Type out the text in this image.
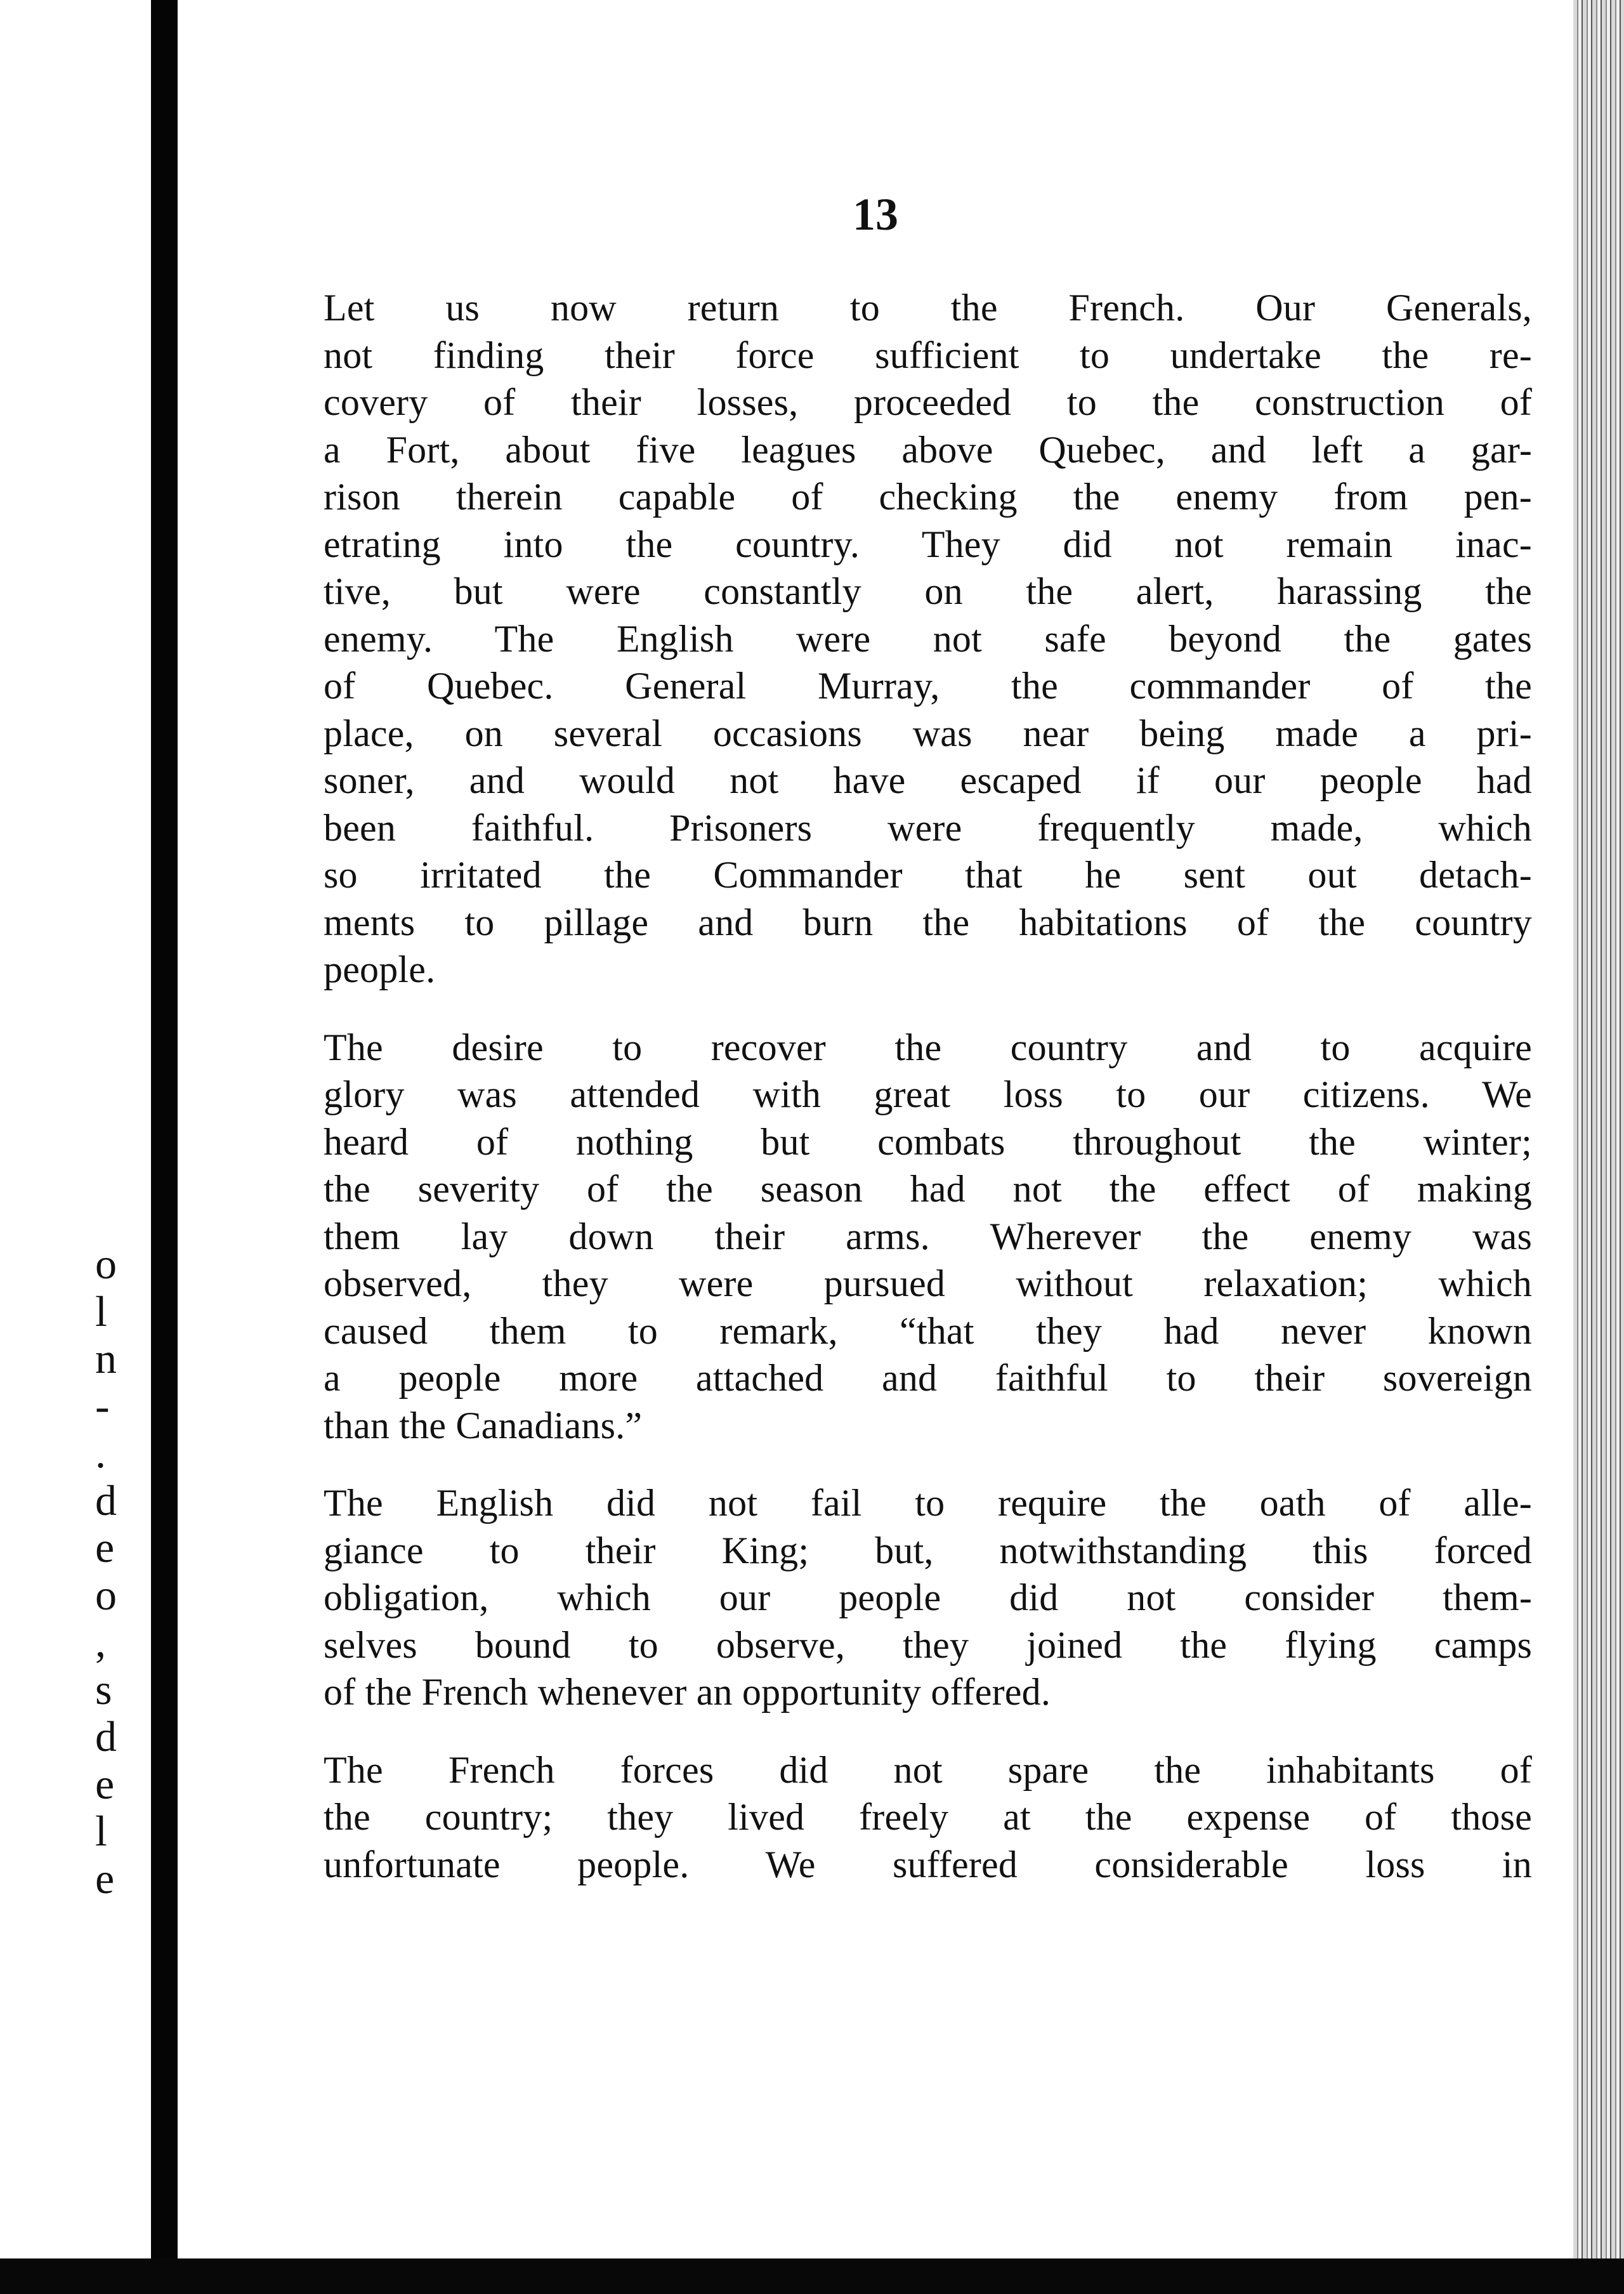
o
l
n
-
.
d
e
o
,
s
d
e
l
e
13
Let us now return to the French. Our Generals,
not finding their force sufficient to undertake the re-
covery of their losses, proceeded to the construction of
a Fort, about five leagues above Quebec, and left a gar-
rison therein capable of checking the enemy from pen-
etrating into the country. They did not remain inac-
tive, but were constantly on the alert, harassing the
enemy. The English were not safe beyond the gates
of Quebec. General Murray, the commander of the
place, on several occasions was near being made a pri-
soner, and would not have escaped if our people had
been faithful. Prisoners were frequently made, which
so irritated the Commander that he sent out detach-
ments to pillage and burn the habitations of the country
people.
The desire to recover the country and to acquire
glory was attended with great loss to our citizens. We
heard of nothing but combats throughout the winter;
the severity of the season had not the effect of making
them lay down their arms. Wherever the enemy was
observed, they were pursued without relaxation; which
caused them to remark, “that they had never known
a people more attached and faithful to their sovereign
than the Canadians.”
The English did not fail to require the oath of alle-
giance to their King; but, notwithstanding this forced
obligation, which our people did not consider them-
selves bound to observe, they joined the flying camps
of the French whenever an opportunity offered.
The French forces did not spare the inhabitants of
the country; they lived freely at the expense of those
unfortunate people. We suffered considerable loss in
